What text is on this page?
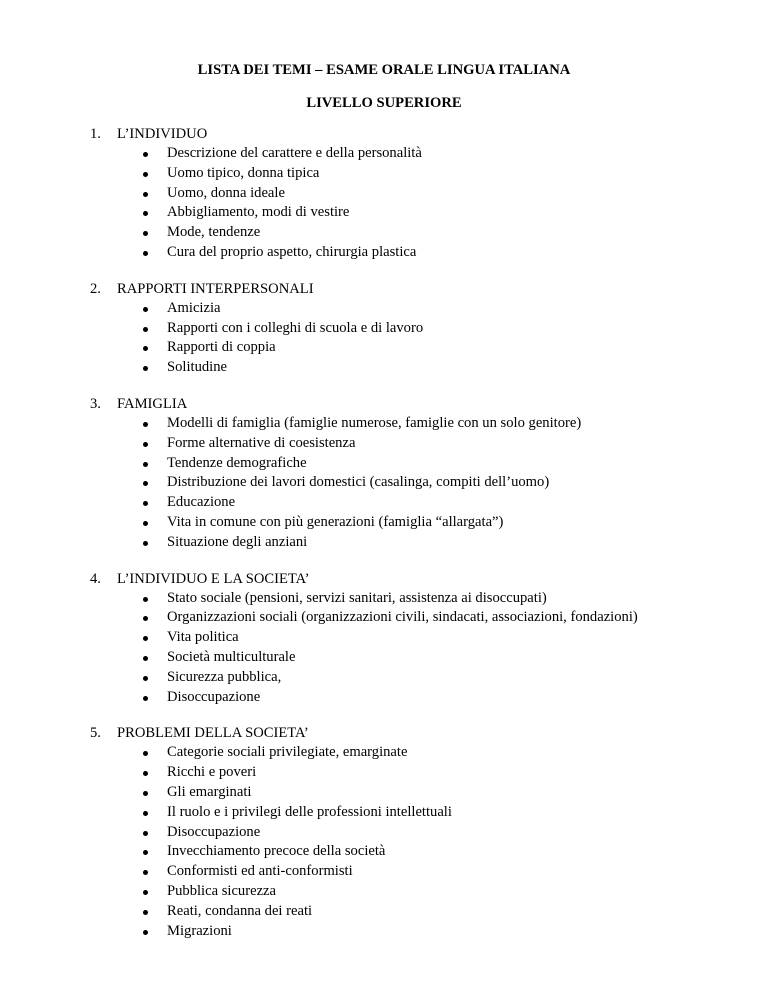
LISTA DEI TEMI – ESAME ORALE LINGUA ITALIANA
LIVELLO SUPERIORE
1.	L’INDIVIDUO
Descrizione del carattere e della personalità
Uomo tipico, donna tipica
Uomo, donna ideale
Abbigliamento, modi di vestire
Mode, tendenze
Cura del proprio aspetto, chirurgia plastica
2.	RAPPORTI INTERPERSONALI
Amicizia
Rapporti con i colleghi di scuola e di lavoro
Rapporti di coppia
Solitudine
3.	FAMIGLIA
Modelli di famiglia (famiglie numerose, famiglie con un solo genitore)
Forme alternative di coesistenza
Tendenze demografiche
Distribuzione dei lavori domestici (casalinga, compiti dell’uomo)
Educazione
Vita in comune con più generazioni (famiglia “allargata”)
Situazione degli anziani
4.	L’INDIVIDUO E LA SOCIETA’
Stato sociale (pensioni, servizi sanitari, assistenza ai disoccupati)
Organizzazioni sociali (organizzazioni civili, sindacati, associazioni, fondazioni)
Vita politica
Società multiculturale
Sicurezza pubblica,
Disoccupazione
5.	PROBLEMI DELLA SOCIETA’
Categorie sociali privilegiate, emarginate
Ricchi e poveri
Gli emarginati
Il ruolo e i privilegi delle professioni intellettuali
Disoccupazione
Invecchiamento precoce della società
Conformisti ed anti-conformisti
Pubblica sicurezza
Reati, condanna dei reati
Migrazioni
